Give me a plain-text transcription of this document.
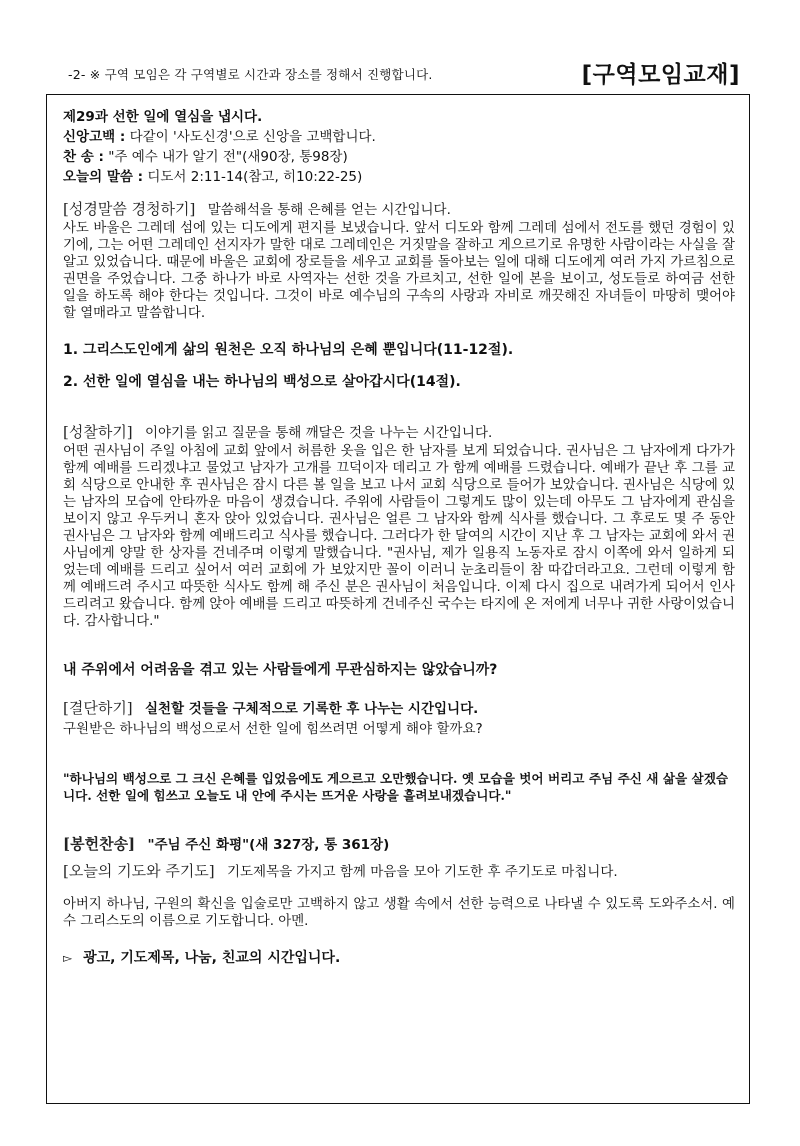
-2- ※ 구역 모임은 각 구역별로 시간과 장소를 정해서 진행합니다.	[구역모임교재]
제29과 선한 일에 열심을 냅시다.
신앙고백 : 다같이 '사도신경'으로 신앙을 고백합니다.
찬 송 : "주 예수 내가 알기 전"(새90장, 통98장)
오늘의 말씀 : 디도서 2:11-14(참고, 히10:22-25)
[성경말씀 경청하기] 말씀해석을 통해 은혜를 얻는 시간입니다.

사도 바울은 그레데 섬에 있는 디도에게 편지를 보냈습니다. 앞서 디도와 함께 그레데 섬에서 전도를 했던 경험이 있기에, 그는 어떤 그레데인 선지자가 말한 대로 그레데인은 거짓말을 잘하고 게으르기로 유명한 사람이라는 사실을 잘 알고 있었습니다. 때문에 바울은 교회에 장로들을 세우고 교회를 돌아보는 일에 대해 디도에게 여러 가지 가르침으로 권면을 주었습니다. 그중 하나가 바로 사역자는 선한 것을 가르치고, 선한 일에 본을 보이고, 성도들로 하여금 선한 일을 하도록 해야 한다는 것입니다. 그것이 바로 예수님의 구속의 사랑과 자비로 깨끗해진 자녀들이 마땅히 맺어야 할 열매라고 말씀합니다.

1. 그리스도인에게 삶의 원천은 오직 하나님의 은혜 뿐입니다(11-12절).
2. 선한 일에 열심을 내는 하나님의 백성으로 살아갑시다(14절).
[성찰하기] 이야기를 읽고 질문을 통해 깨달은 것을 나누는 시간입니다.

어떤 권사님이 주일 아침에 교회 앞에서 허름한 옷을 입은 한 남자를 보게 되었습니다. 권사님은 그 남자에게 다가가 함께 예배를 드리겠냐고 물었고 남자가 고개를 끄덕이자 데리고 가 함께 예배를 드렸습니다. 예배가 끝난 후 그를 교회 식당으로 안내한 후 권사님은 잠시 다른 볼 일을 보고 나서 교회 식당으로 들어가 보았습니다. 권사님은 식당에 있는 남자의 모습에 안타까운 마음이 생겼습니다. 주위에 사람들이 그렇게도 많이 있는데 아무도 그 남자에게 관심을 보이지 않고 우두커니 혼자 앉아 있었습니다. 권사님은 얼른 그 남자와 함께 식사를 했습니다. 그 후로도 몇 주 동안 권사님은 그 남자와 함께 예배드리고 식사를 했습니다. 그러다가 한 달여의 시간이 지난 후 그 남자는 교회에 와서 권사님에게 양말 한 상자를 건네주며 이렇게 말했습니다. "권사님, 제가 일용직 노동자로 잠시 이쪽에 와서 일하게 되었는데 예배를 드리고 싶어서 여러 교회에 가 보았지만 꼴이 이러니 눈초리들이 참 따갑더라고요. 그런데 이렇게 함께 예배드려 주시고 따뜻한 식사도 함께 해 주신 분은 권사님이 처음입니다. 이제 다시 집으로 내려가게 되어서 인사드리려고 왔습니다. 함께 앉아 예배를 드리고 따뜻하게 건네주신 국수는 타지에 온 저에게 너무나 귀한 사랑이었습니다. 감사합니다."

내 주위에서 어려움을 겪고 있는 사람들에게 무관심하지는 않았습니까?
[결단하기] 실천할 것들을 구체적으로 기록한 후 나누는 시간입니다.
구원받은 하나님의 백성으로서 선한 일에 힘쓰려면 어떻게 해야 할까요?

"하나님의 백성으로 그 크신 은혜를 입었음에도 게으르고 오만했습니다. 옛 모습을 벗어 버리고 주님 주신 새 삶을 살겠습니다. 선한 일에 힘쓰고 오늘도 내 안에 주시는 뜨거운 사랑을 흘려보내겠습니다."

[봉헌찬송] "주님 주신 화평"(새 327장, 통 361장)
[오늘의 기도와 주기도] 기도제목을 가지고 함께 마음을 모아 기도한 후 주기도로 마칩니다.

아버지 하나님, 구원의 확신을 입술로만 고백하지 않고 생활 속에서 선한 능력으로 나타낼 수 있도록 도와주소서. 예수 그리스도의 이름으로 기도합니다. 아멘.

▻ 광고, 기도제목, 나눔, 친교의 시간입니다.
